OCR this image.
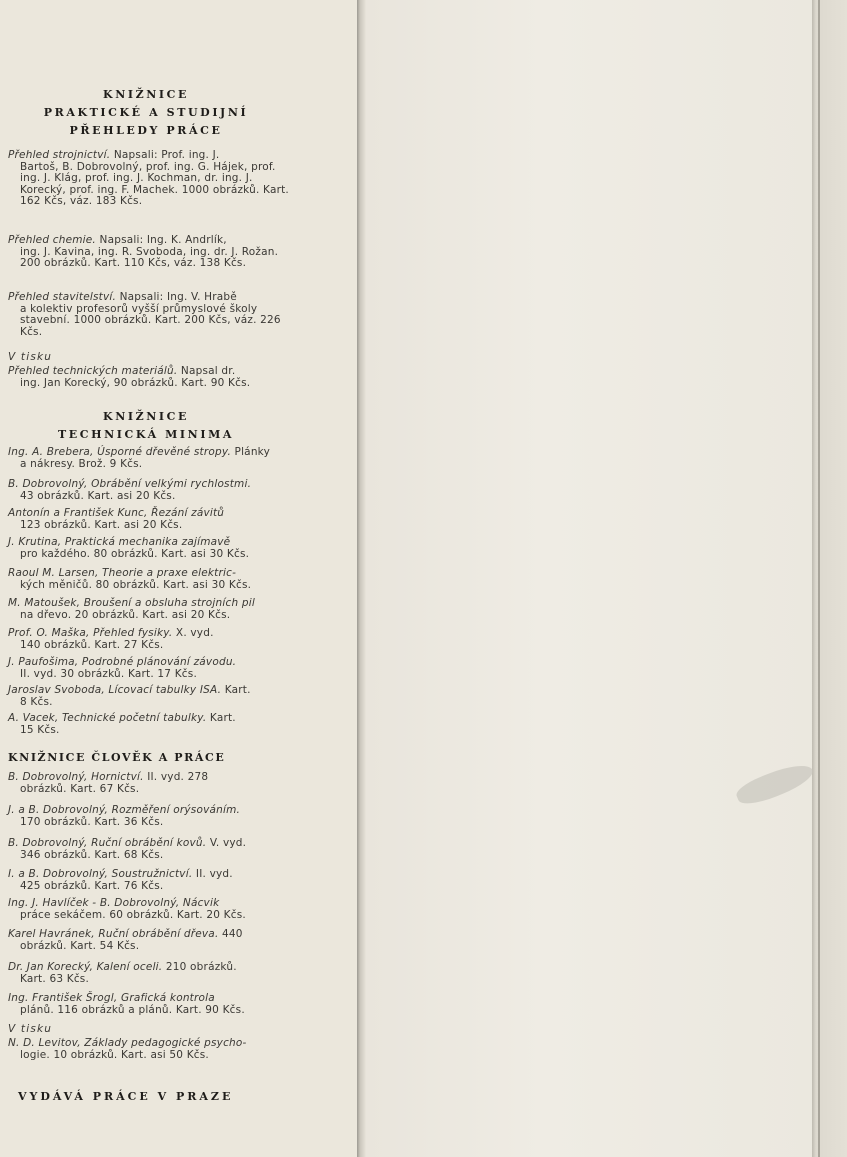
KNIŽNICE
PRAKTICKÉ A STUDIJNÍ
PŘEHLEDY PRÁCE
Přehled strojnictví. Napsali: Prof. ing. J.
Bartoš, B. Dobrovolný, prof. ing. G. Hájek, prof. ing. J. Klág, prof. ing. J. Kochman, dr. ing. J. Korecký, prof. ing. F. Machek. 1000 obrázků. Kart. 162 Kčs, váz. 183 Kčs.
Přehled chemie. Napsali: Ing. K. Andrlík,
ing. J. Kavina, ing. R. Svoboda, ing. dr. J. Rožan. 200 obrázků. Kart. 110 Kčs, váz. 138 Kčs.
Přehled stavitelství. Napsali: Ing. V. Hrabě
a kolektiv profesorů vyšší průmyslové školy stavební. 1000 obrázků. Kart. 200 Kčs, váz. 226 Kčs.
V tisku
Přehled technických materiálů. Napsal dr.
ing. Jan Korecký, 90 obrázků. Kart. 90 Kčs.
KNIŽNICE
TECHNICKÁ MINIMA
Ing. A. Brebera, Úsporné dřevěné stropy. Plánky
a nákresy. Brož. 9 Kčs.
B. Dobrovolný, Obrábění velkými rychlostmi.
43 obrázků. Kart. asi 20 Kčs.
Antonín a František Kunc, Řezání závitů
123 obrázků. Kart. asi 20 Kčs.
J. Krutina, Praktická mechanika zajímavě
pro každého. 80 obrázků. Kart. asi 30 Kčs.
Raoul M. Larsen, Theorie a praxe elektric-
kých měničů. 80 obrázků. Kart. asi 30 Kčs.
M. Matoušek, Broušení a obsluha strojních pil
na dřevo. 20 obrázků. Kart. asi 20 Kčs.
Prof. O. Maška, Přehled fysiky. X. vyd.
140 obrázků. Kart. 27 Kčs.
J. Paufošima, Podrobné plánování závodu.
II. vyd. 30 obrázků. Kart. 17 Kčs.
Jaroslav Svoboda, Lícovací tabulky ISA. Kart.
8 Kčs.
A. Vacek, Technické početní tabulky. Kart.
15 Kčs.
KNIŽNICE ČLOVĚK A PRÁCE
B. Dobrovolný, Hornictví. II. vyd. 278
obrázků. Kart. 67 Kčs.
J. a B. Dobrovolný, Rozměření orýsováním.
170 obrázků. Kart. 36 Kčs.
B. Dobrovolný, Ruční obrábění kovů. V. vyd.
346 obrázků. Kart. 68 Kčs.
I. a B. Dobrovolný, Soustružnictví. II. vyd.
425 obrázků. Kart. 76 Kčs.
Ing. J. Havlíček - B. Dobrovolný, Nácvik
práce sekáčem. 60 obrázků. Kart. 20 Kčs.
Karel Havránek, Ruční obrábění dřeva. 440
obrázků. Kart. 54 Kčs.
Dr. Jan Korecký, Kalení oceli. 210 obrázků.
Kart. 63 Kčs.
Ing. František Šrogl, Grafická kontrola
plánů. 116 obrázků a plánů. Kart. 90 Kčs.
V tisku
N. D. Levitov, Základy pedagogické psycho-
logie. 10 obrázků. Kart. asi 50 Kčs.
VYDÁVÁ PRÁCE V PRAZE
